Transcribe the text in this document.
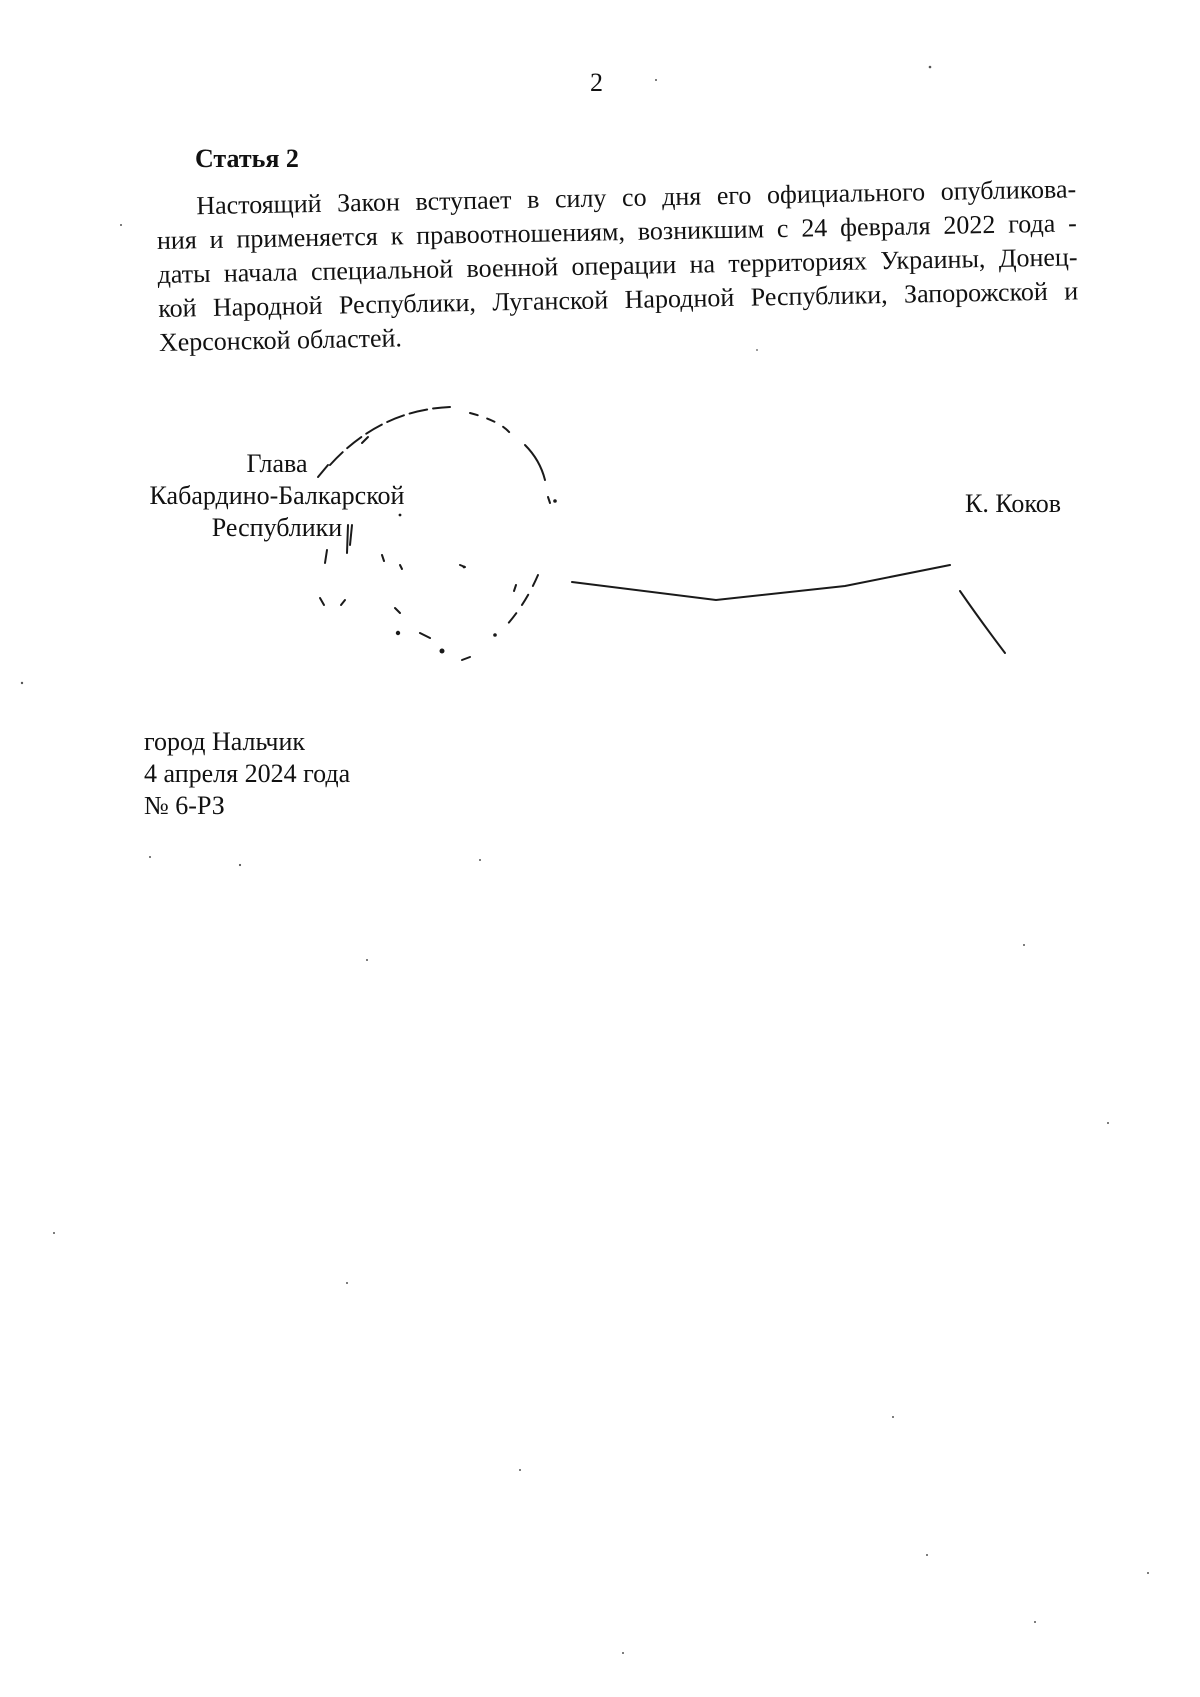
2
Статья 2
Настоящий Закон вступает в силу со дня его официального опубликова-
ния и применяется к правоотношениям, возникшим с 24 февраля 2022 года -
даты начала специальной военной операции на территориях Украины, Донец-
кой Народной Республики, Луганской Народной Республики, Запорожской и
Херсонской областей.
Глава
Кабардино-Балкарской
Республики
К. Коков
город Нальчик
4 апреля 2024 года
№ 6-РЗ
